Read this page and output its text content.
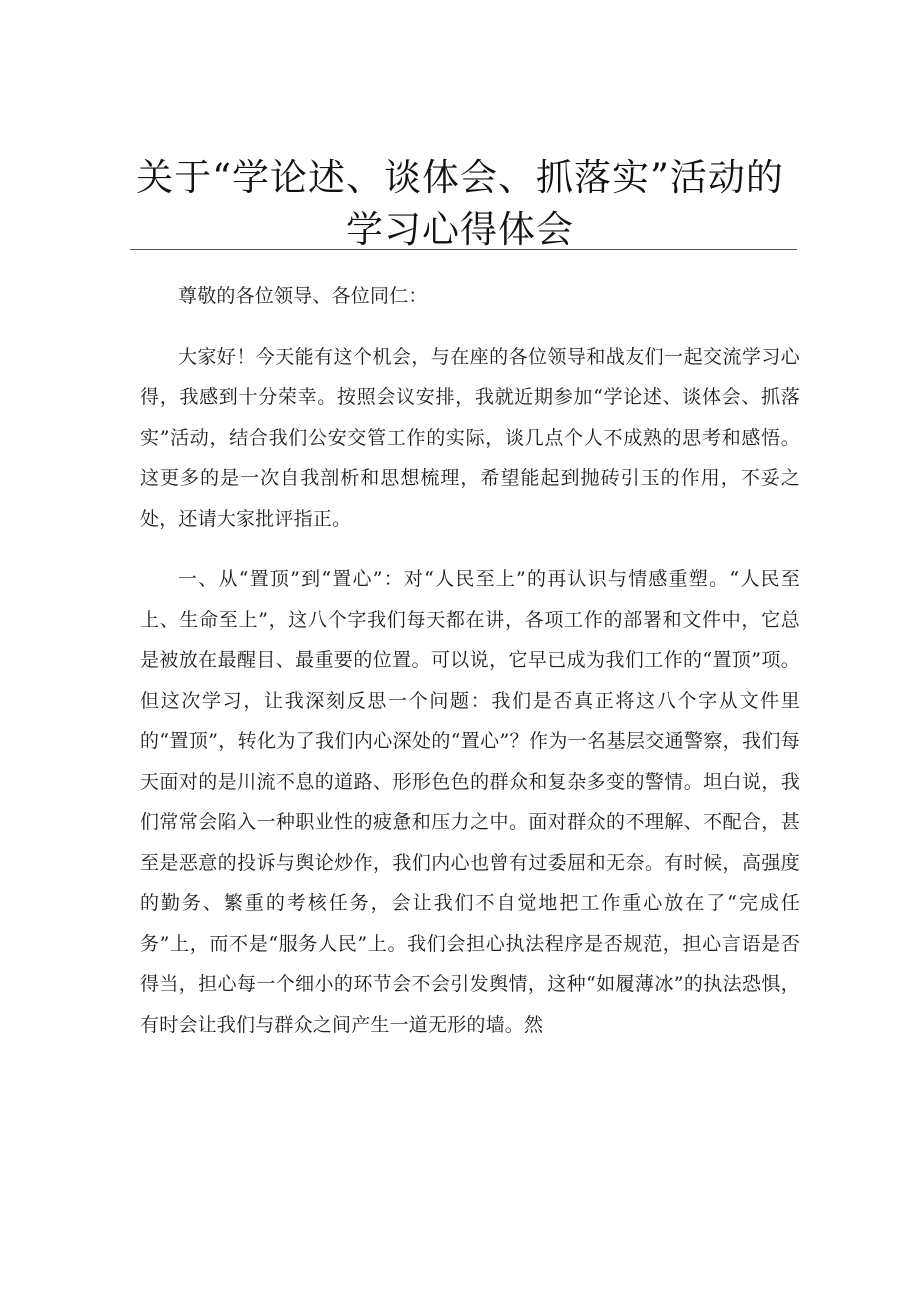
关于“学论述、谈体会、抓落实”活动的学习心得体会

尊敬的各位领导、各位同仁：

大家好！今天能有这个机会，与在座的各位领导和战友们一起交流学习心得，我感到十分荣幸。按照会议安排，我就近期参加“学论述、谈体会、抓落实”活动，结合我们公安交管工作的实际，谈几点个人不成熟的思考和感悟。这更多的是一次自我剖析和思想梳理，希望能起到抛砖引玉的作用，不妥之处，还请大家批评指正。

一、从“置顶”到“置心”：对“人民至上”的再认识与情感重塑。“人民至上、生命至上”，这八个字我们每天都在讲，各项工作的部署和文件中，它总是被放在最醒目、最重要的位置。可以说，它早已成为我们工作的“置顶”项。但这次学习，让我深刻反思一个问题：我们是否真正将这八个字从文件里的“置顶”，转化为了我们内心深处的“置心”？作为一名基层交通警察，我们每天面对的是川流不息的道路、形形色色的群众和复杂多变的警情。坦白说，我们常常会陷入一种职业性的疲惫和压力之中。面对群众的不理解、不配合，甚至是恶意的投诉与舆论炒作，我们内心也曾有过委屈和无奈。有时候，高强度的勤务、繁重的考核任务，会让我们不自觉地把工作重心放在了“完成任务”上，而不是“服务人民”上。我们会担心执法程序是否规范，担心言语是否得当，担心每一个细小的环节会不会引发舆情，这种“如履薄冰”的执法恐惧，有时会让我们与群众之间产生一道无形的墙。然
